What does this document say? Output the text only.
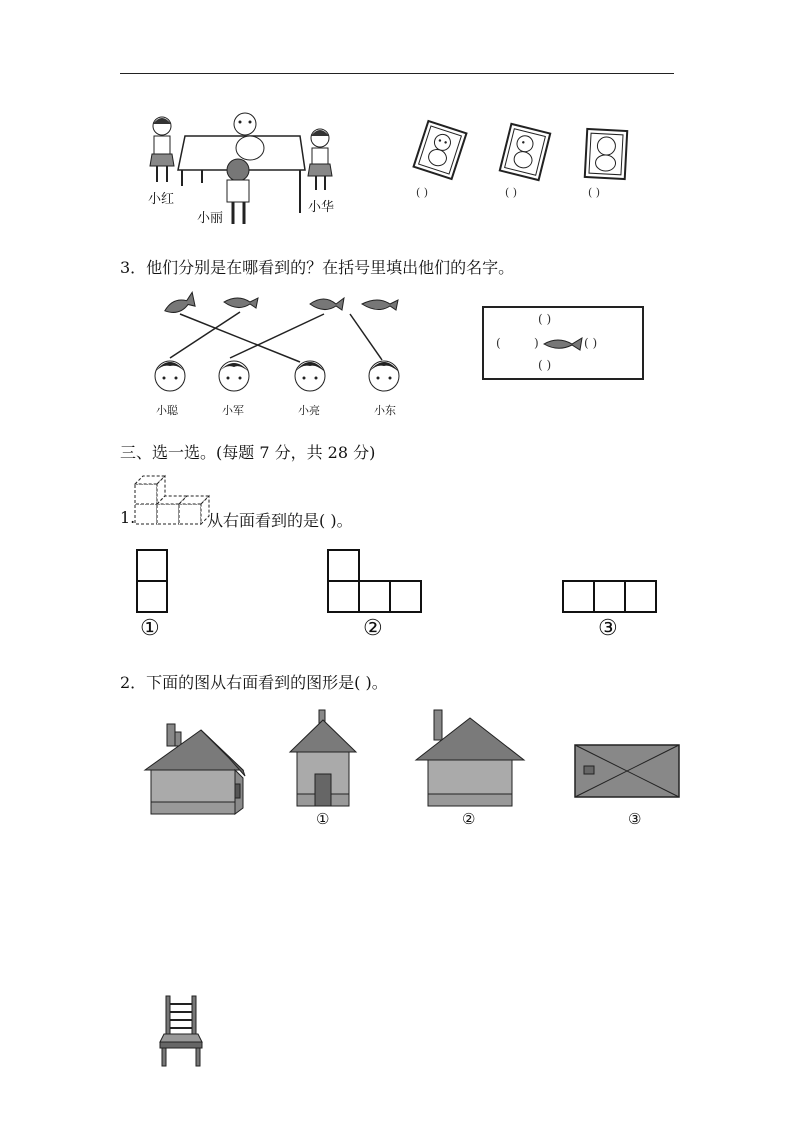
小红
小丽
小华
( )	( )	( )
3．他们分别是在哪看到的？在括号里填出他们的名字。
小聪	小军	小亮	小东
( )
(	)	( )
( )
三、选一选。(每题 7 分，共 28 分)
1.	从右面看到的是( )。
①	②	③
2．下面的图从右面看到的图形是( )。
①	②	③
